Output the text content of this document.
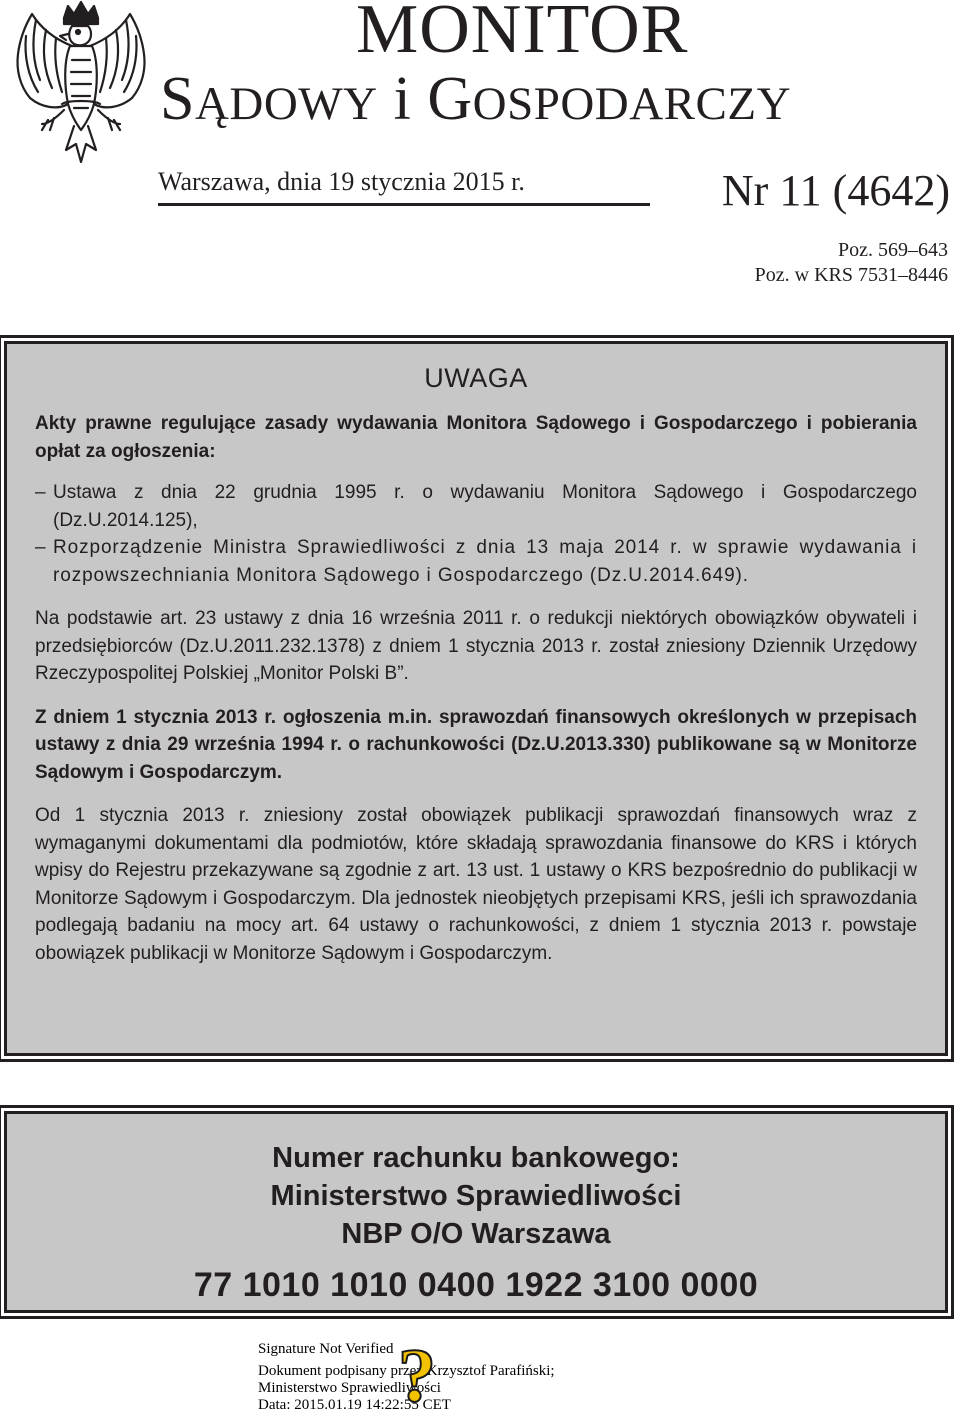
MONITOR
SĄDOWY i GOSPODARCZY
Warszawa, dnia 19 stycznia 2015 r.	Nr 11 (4642)
Poz. 569–643
Poz. w KRS 7531–8446
UWAGA

Akty prawne regulujące zasady wydawania Monitora Sądowego i Gospodarczego i pobierania opłat za ogłoszenia:

– Ustawa z dnia 22 grudnia 1995 r. o wydawaniu Monitora Sądowego i Gospodarczego (Dz.U.2014.125),
– Rozporządzenie Ministra Sprawiedliwości z dnia 13 maja 2014 r. w sprawie wydawania i rozpowszechniania Monitora Sądowego i Gospodarczego (Dz.U.2014.649).

Na podstawie art. 23 ustawy z dnia 16 września 2011 r. o redukcji niektórych obowiązków obywateli i przedsiębiorców (Dz.U.2011.232.1378) z dniem 1 stycznia 2013 r. został zniesiony Dziennik Urzędowy Rzeczypospolitej Polskiej „Monitor Polski B”.

Z dniem 1 stycznia 2013 r. ogłoszenia m.in. sprawozdań finansowych określonych w przepisach ustawy z dnia 29 września 1994 r. o rachunkowości (Dz.U.2013.330) publikowane są w Monitorze Sądowym i Gospodarczym.

Od 1 stycznia 2013 r. zniesiony został obowiązek publikacji sprawozdań finansowych wraz z wymaganymi dokumentami dla podmiotów, które składają sprawozdania finansowe do KRS i których wpisy do Rejestru przekazywane są zgodnie z art. 13 ust. 1 ustawy o KRS bezpośrednio do publikacji w Monitorze Sądowym i Gospodarczym. Dla jednostek nieobjętych przepisami KRS, jeśli ich sprawozdania podlegają badaniu na mocy art. 64 ustawy o rachunkowości, z dniem 1 stycznia 2013 r. powstaje obowiązek publikacji w Monitorze Sądowym i Gospodarczym.

Numer rachunku bankowego:
Ministerstwo Sprawiedliwości
NBP O/O Warszawa
77 1010 1010 0400 1922 3100 0000
Signature Not Verified
Dokument podpisany przez Krzysztof Parafiński;
Ministerstwo Sprawiedliwości
Data: 2015.01.19 14:22:55 CET
?
